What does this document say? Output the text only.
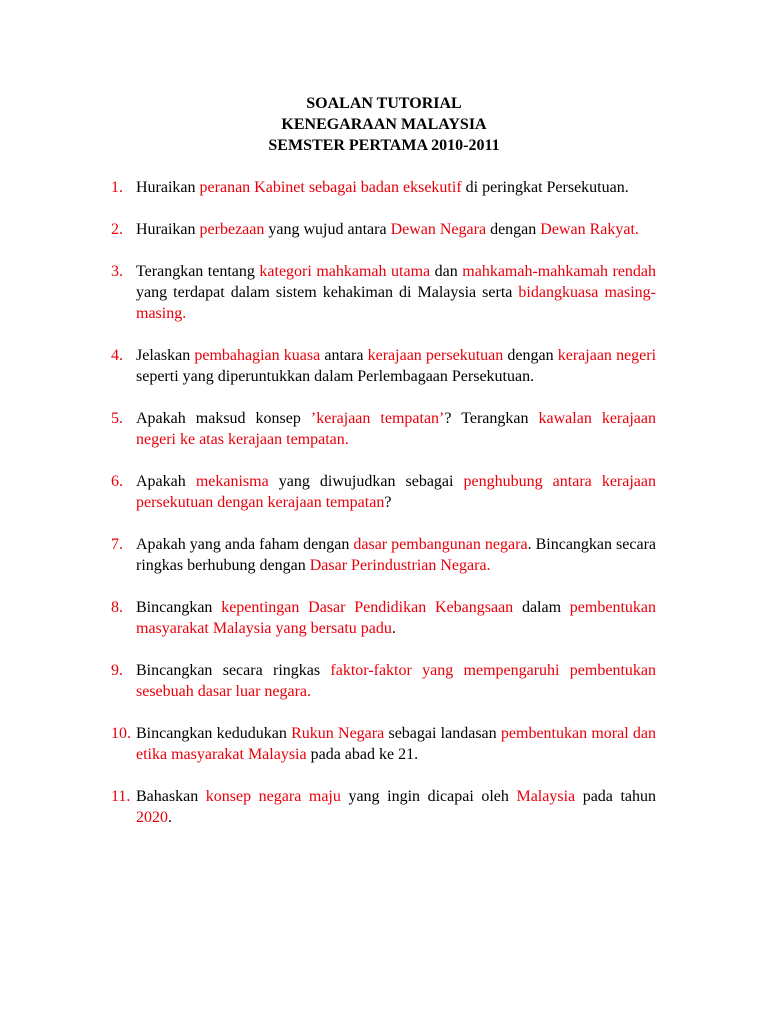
SOALAN TUTORIAL
KENEGARAAN MALAYSIA
SEMSTER PERTAMA 2010-2011
1. Huraikan peranan Kabinet sebagai badan eksekutif di peringkat Persekutuan.
2. Huraikan perbezaan yang wujud antara Dewan Negara dengan Dewan Rakyat.
3. Terangkan tentang kategori mahkamah utama dan mahkamah-mahkamah rendah yang terdapat dalam sistem kehakiman di Malaysia serta bidangkuasa masing-masing.
4. Jelaskan pembahagian kuasa antara kerajaan persekutuan dengan kerajaan negeri seperti yang diperuntukkan dalam Perlembagaan Persekutuan.
5. Apakah maksud konsep ’kerajaan tempatan’? Terangkan kawalan kerajaan negeri ke atas kerajaan tempatan.
6. Apakah mekanisma yang diwujudkan sebagai penghubung antara kerajaan persekutuan dengan kerajaan tempatan?
7. Apakah yang anda faham dengan dasar pembangunan negara. Bincangkan secara ringkas berhubung dengan Dasar Perindustrian Negara.
8. Bincangkan kepentingan Dasar Pendidikan Kebangsaan dalam pembentukan masyarakat Malaysia yang bersatu padu.
9. Bincangkan secara ringkas faktor-faktor yang mempengaruhi pembentukan sesebuah dasar luar negara.
10. Bincangkan kedudukan Rukun Negara sebagai landasan pembentukan moral dan etika masyarakat Malaysia pada abad ke 21.
11. Bahaskan konsep negara maju yang ingin dicapai oleh Malaysia pada tahun 2020.
